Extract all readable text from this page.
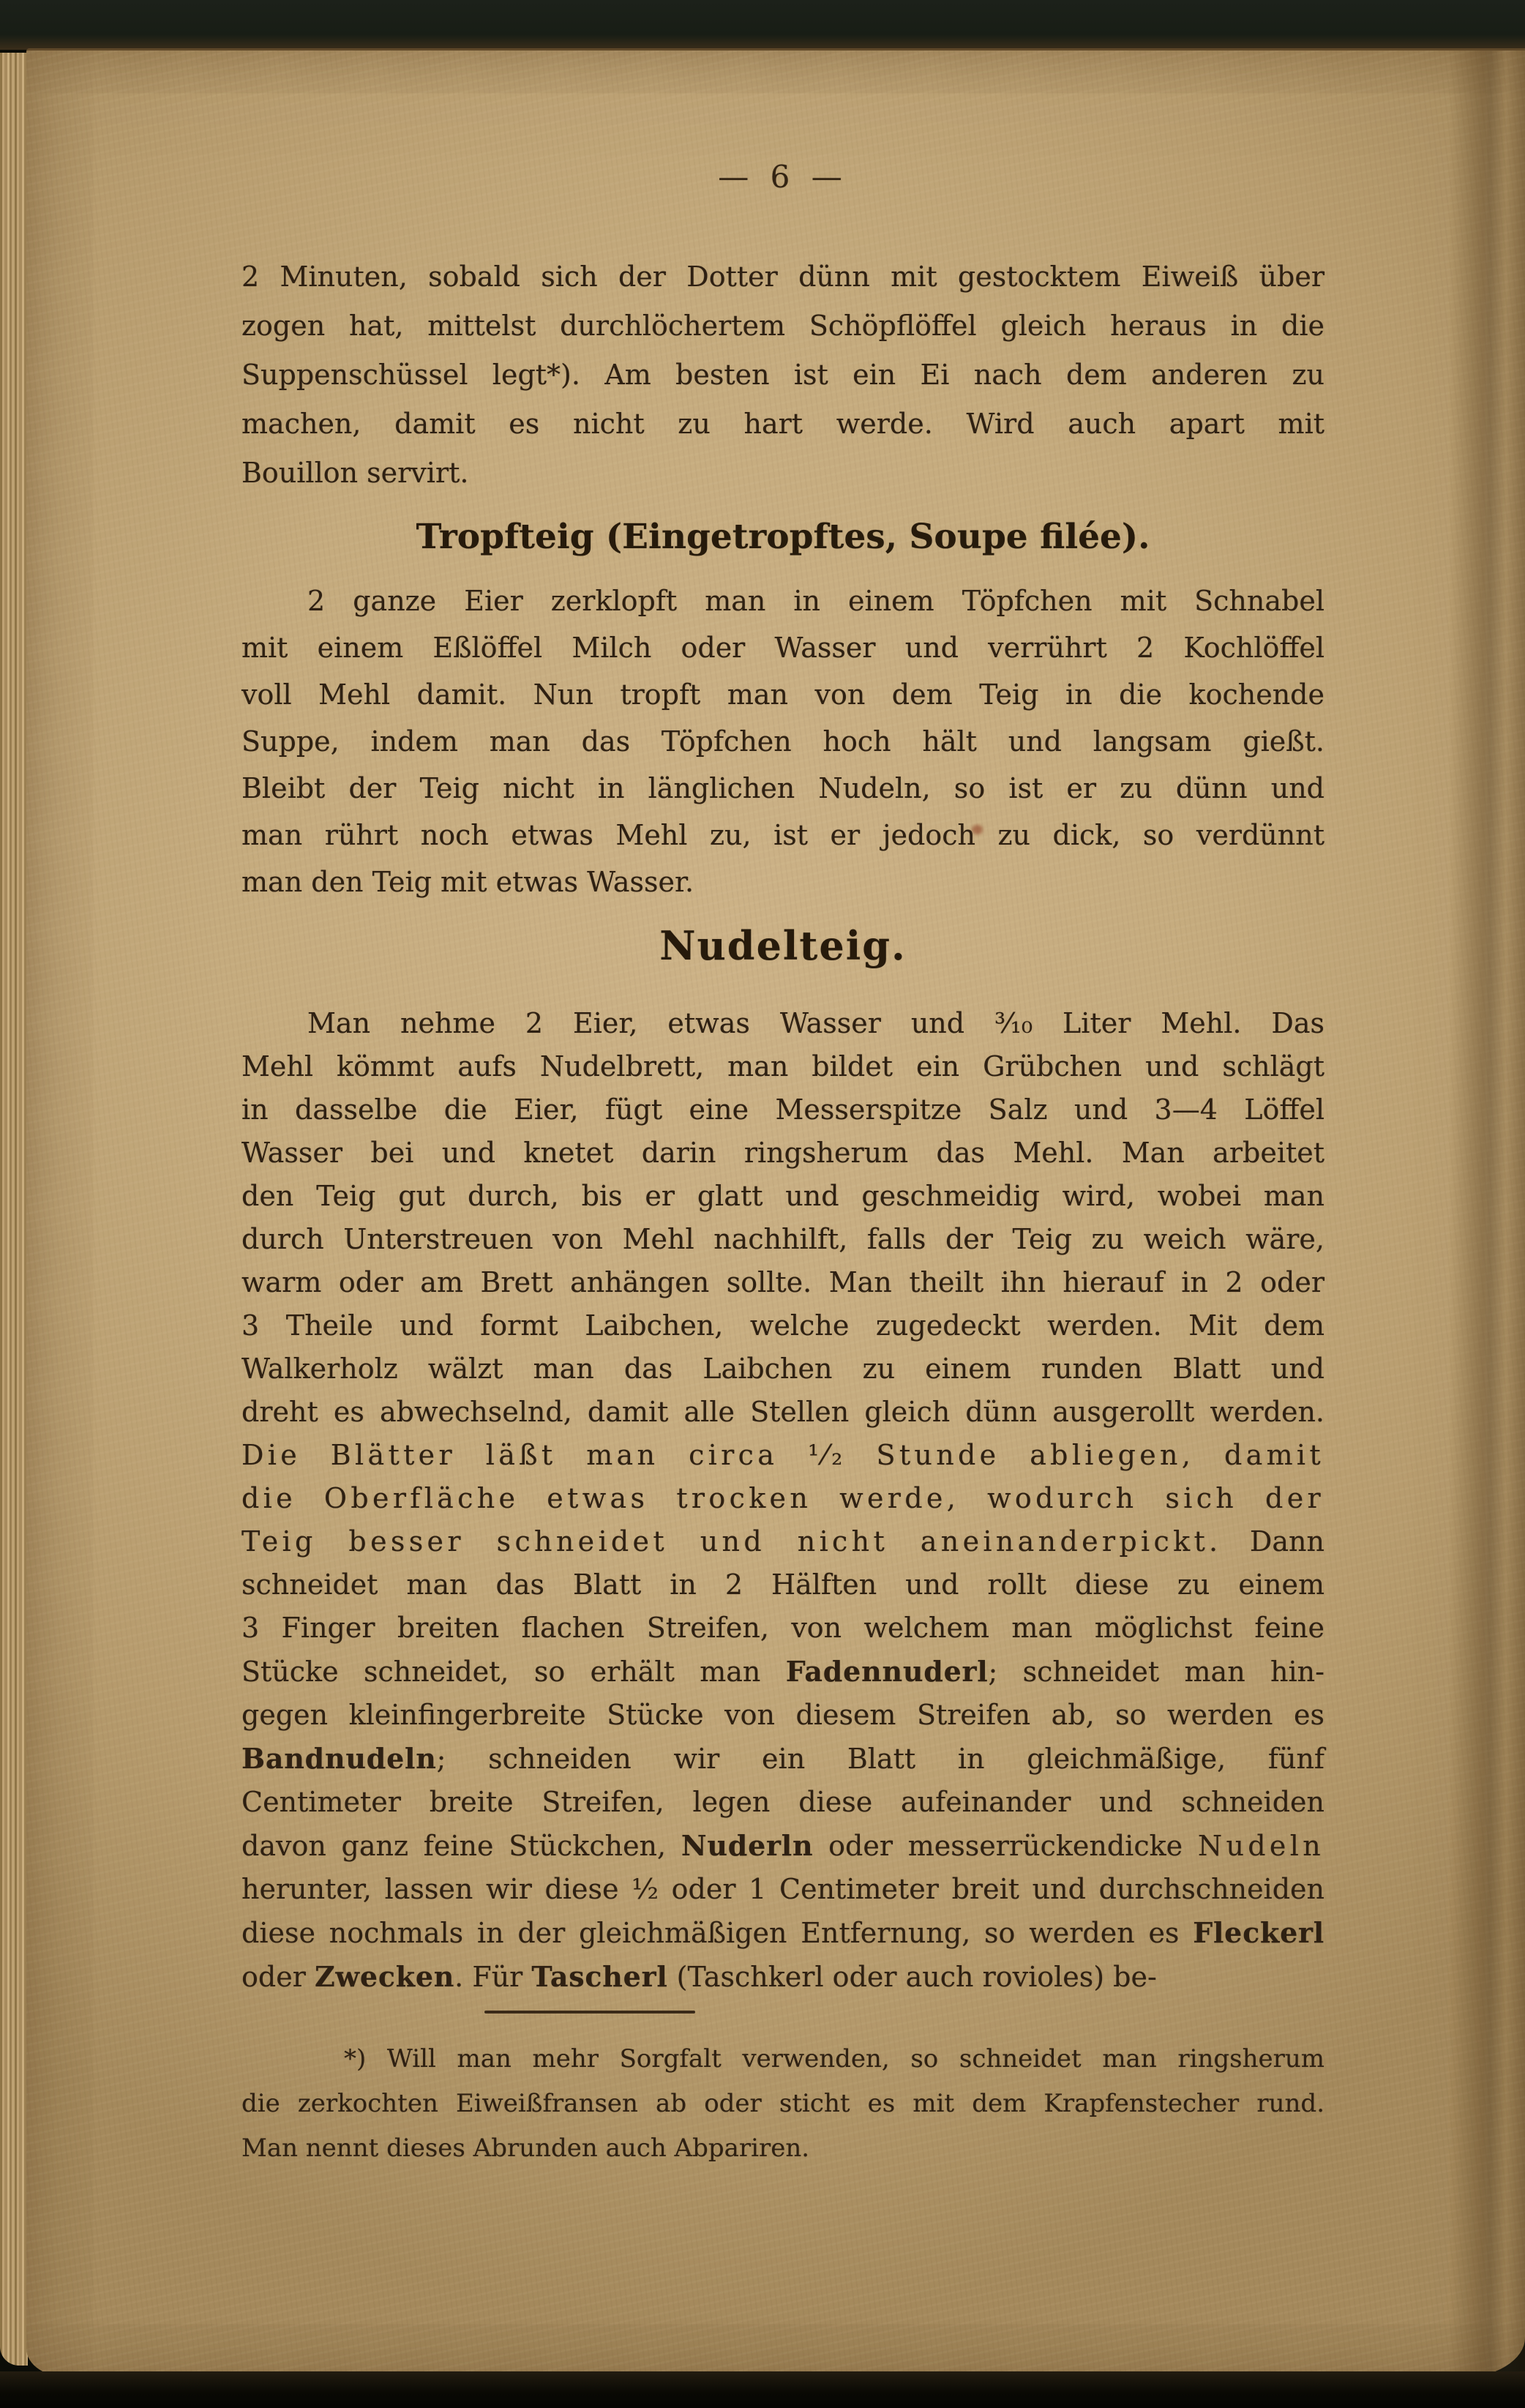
— 6 —
2 Minuten, sobald sich der Dotter dünn mit gestocktem Eiweiß über
zogen hat, mittelst durchlöchertem Schöpflöffel gleich heraus in die
Suppenschüssel legt*). Am besten ist ein Ei nach dem anderen zu
machen, damit es nicht zu hart werde. Wird auch apart mit
Bouillon servirt.
Tropfteig (Eingetropftes, Soupe filée).
2 ganze Eier zerklopft man in einem Töpfchen mit Schnabel
mit einem Eßlöffel Milch oder Wasser und verrührt 2 Kochlöffel
voll Mehl damit. Nun tropft man von dem Teig in die kochende
Suppe, indem man das Töpfchen hoch hält und langsam gießt.
Bleibt der Teig nicht in länglichen Nudeln, so ist er zu dünn und
man rührt noch etwas Mehl zu, ist er jedoch zu dick, so verdünnt
man den Teig mit etwas Wasser.
Nudelteig.
Man nehme 2 Eier, etwas Wasser und ³⁄₁₀ Liter Mehl. Das
Mehl kömmt aufs Nudelbrett, man bildet ein Grübchen und schlägt
in dasselbe die Eier, fügt eine Messerspitze Salz und 3—4 Löffel
Wasser bei und knetet darin ringsherum das Mehl. Man arbeitet
den Teig gut durch, bis er glatt und geschmeidig wird, wobei man
durch Unterstreuen von Mehl nachhilft, falls der Teig zu weich wäre,
warm oder am Brett anhängen sollte. Man theilt ihn hierauf in 2 oder
3 Theile und formt Laibchen, welche zugedeckt werden. Mit dem
Walkerholz wälzt man das Laibchen zu einem runden Blatt und
dreht es abwechselnd, damit alle Stellen gleich dünn ausgerollt werden.
Die Blätter läßt man circa ¹⁄₂ Stunde abliegen, damit
die Oberfläche etwas trocken werde, wodurch sich der
Teig besser schneidet und nicht aneinanderpickt. Dann
schneidet man das Blatt in 2 Hälften und rollt diese zu einem
3 Finger breiten flachen Streifen, von welchem man möglichst feine
Stücke schneidet, so erhält man Fadennuderl; schneidet man hin-
gegen kleinfingerbreite Stücke von diesem Streifen ab, so werden es
Bandnudeln; schneiden wir ein Blatt in gleichmäßige, fünf
Centimeter breite Streifen, legen diese aufeinander und schneiden
davon ganz feine Stückchen, Nuderln oder messerrückendicke Nudeln
herunter, lassen wir diese ¹⁄₂ oder 1 Centimeter breit und durchschneiden
diese nochmals in der gleichmäßigen Entfernung, so werden es Fleckerl
oder Zwecken. Für Tascherl (Taschkerl oder auch rovioles) be-
*) Will man mehr Sorgfalt verwenden, so schneidet man ringsherum
die zerkochten Eiweißfransen ab oder sticht es mit dem Krapfenstecher rund.
Man nennt dieses Abrunden auch Abpariren.
